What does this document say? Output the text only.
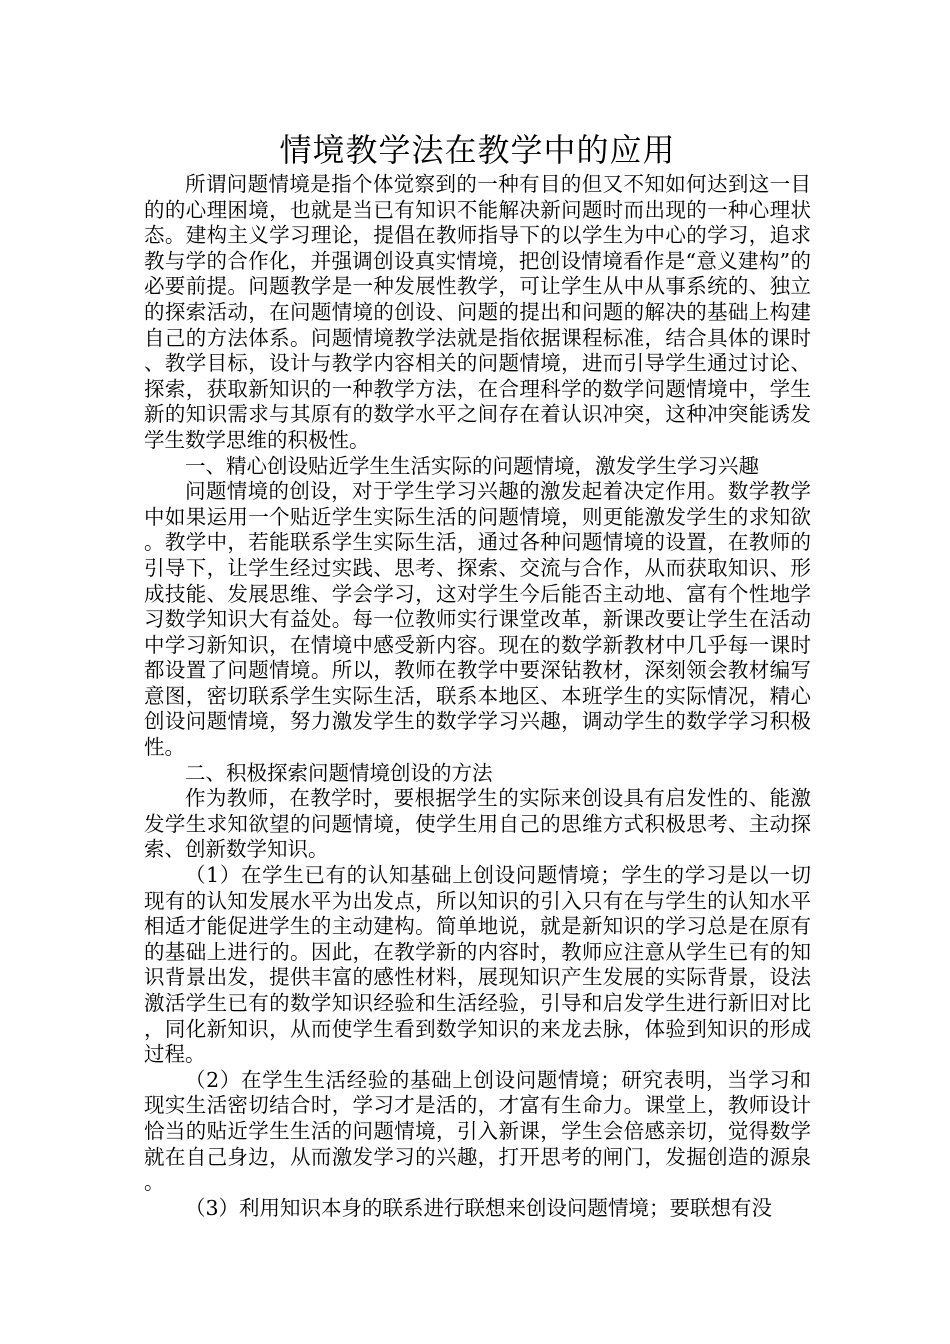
情境教学法在教学中的应用

所谓问题情境是指个体觉察到的一种有目的但又不知如何达到这一目的的心理困境，也就是当已有知识不能解决新问题时而出现的一种心理状态。建构主义学习理论，提倡在教师指导下的以学生为中心的学习，追求教与学的合作化，并强调创设真实情境，把创设情境看作是“意义建构”的必要前提。问题教学是一种发展性教学，可让学生从中从事系统的、独立的探索活动，在问题情境的创设、问题的提出和问题的解决的基础上构建自己的方法体系。问题情境教学法就是指依据课程标准，结合具体的课时、教学目标，设计与教学内容相关的问题情境，进而引导学生通过讨论、探索，获取新知识的一种教学方法，在合理科学的数学问题情境中，学生新的知识需求与其原有的数学水平之间存在着认识冲突，这种冲突能诱发学生数学思维的积极性。

一、精心创设贴近学生生活实际的问题情境，激发学生学习兴趣

问题情境的创设，对于学生学习兴趣的激发起着决定作用。数学教学中如果运用一个贴近学生实际生活的问题情境，则更能激发学生的求知欲。教学中，若能联系学生实际生活，通过各种问题情境的设置，在教师的引导下，让学生经过实践、思考、探索、交流与合作，从而获取知识、形成技能、发展思维、学会学习，这对学生今后能否主动地、富有个性地学习数学知识大有益处。每一位教师实行课堂改革，新课改要让学生在活动中学习新知识，在情境中感受新内容。现在的数学新教材中几乎每一课时都设置了问题情境。所以，教师在教学中要深钻教材，深刻领会教材编写意图，密切联系学生实际生活，联系本地区、本班学生的实际情况，精心创设问题情境，努力激发学生的数学学习兴趣，调动学生的数学学习积极性。

二、积极探索问题情境创设的方法

作为教师，在教学时，要根据学生的实际来创设具有启发性的、能激发学生求知欲望的问题情境，使学生用自己的思维方式积极思考、主动探索、创新数学知识。

（1）在学生已有的认知基础上创设问题情境；学生的学习是以一切现有的认知发展水平为出发点，所以知识的引入只有在与学生的认知水平相适才能促进学生的主动建构。简单地说，就是新知识的学习总是在原有的基础上进行的。因此，在教学新的内容时，教师应注意从学生已有的知识背景出发，提供丰富的感性材料，展现知识产生发展的实际背景，设法激活学生已有的数学知识经验和生活经验，引导和启发学生进行新旧对比，同化新知识，从而使学生看到数学知识的来龙去脉，体验到知识的形成过程。

（2）在学生生活经验的基础上创设问题情境；研究表明，当学习和现实生活密切结合时，学习才是活的，才富有生命力。课堂上，教师设计恰当的贴近学生生活的问题情境，引入新课，学生会倍感亲切，觉得数学就在自己身边，从而激发学习的兴趣，打开思考的闸门，发掘创造的源泉。

（3）利用知识本身的联系进行联想来创设问题情境；要联想有没
